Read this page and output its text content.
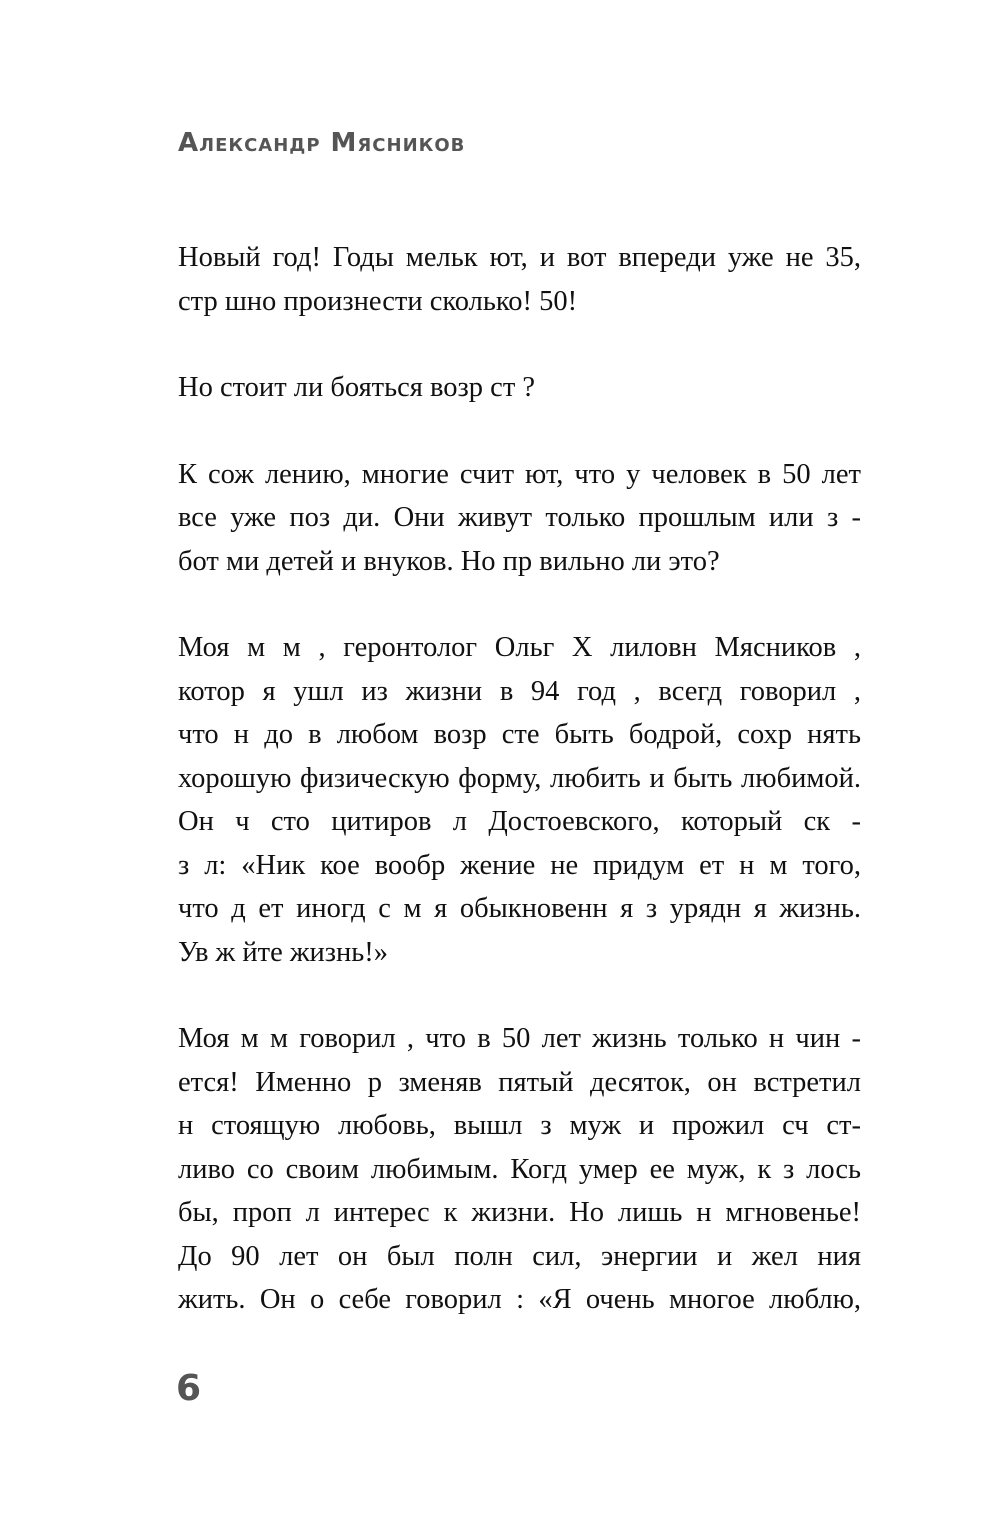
Александр Мясников

Новый год! Годы мельк ют, и вот впереди уже не 35,
стр шно произнести сколько! 50!

Но стоит ли бояться возр ст ?

К сож лению, многие счит ют, что у человек в 50 лет
все уже поз ди. Они живут только прошлым или з -
бот ми детей и внуков. Но пр вильно ли это?

Моя м м , геронтолог Ольг Х лиловн Мясников ,
котор я ушл из жизни в 94 год , всегд говорил ,
что н до в любом возр сте быть бодрой, сохр нять
хорошую физическую форму, любить и быть любимой.
Он ч сто цитиров л Достоевского, который ск -
з л: «Ник кое вообр жение не придум ет н м того,
что д ет иногд с м я обыкновенн я з урядн я жизнь.
Ув ж йте жизнь!»

Моя м м говорил , что в 50 лет жизнь только н чин -
ется! Именно р зменяв пятый десяток, он встретил
н стоящую любовь, вышл з муж и прожил сч ст-
ливо со своим любимым. Когд умер ее муж, к з лось
бы, проп л интерес к жизни. Но лишь н мгновенье!
До 90 лет он был полн сил, энергии и жел ния
жить. Он о себе говорил : «Я очень многое люблю,

6
